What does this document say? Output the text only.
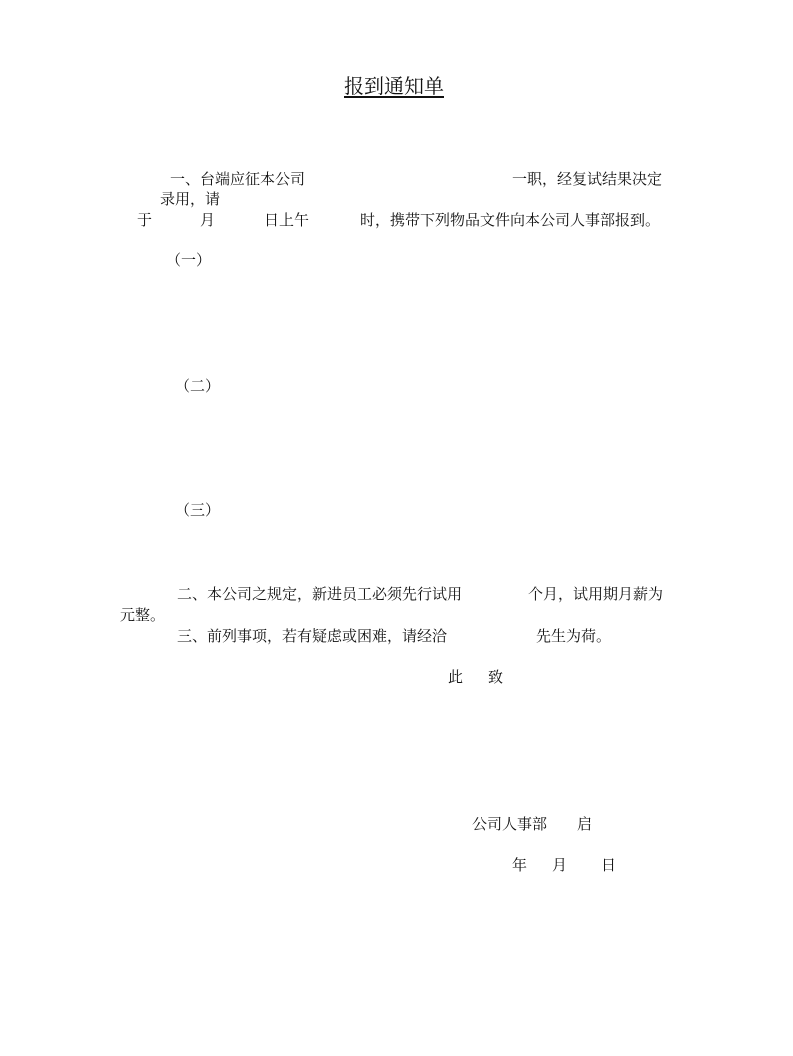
报到通知单
一、台端应征本公司	一职，经复试结果决定
录用，请
于	月	日上午	时，携带下列物品文件向本公司人事部报到。
（一）
（二）
（三）
二、本公司之规定，新进员工必须先行试用	个月，试用期月薪为
元整。
三、前列事项，若有疑虑或困难，请经洽	先生为荷。
此 致
公司人事部 启
年 月 日
